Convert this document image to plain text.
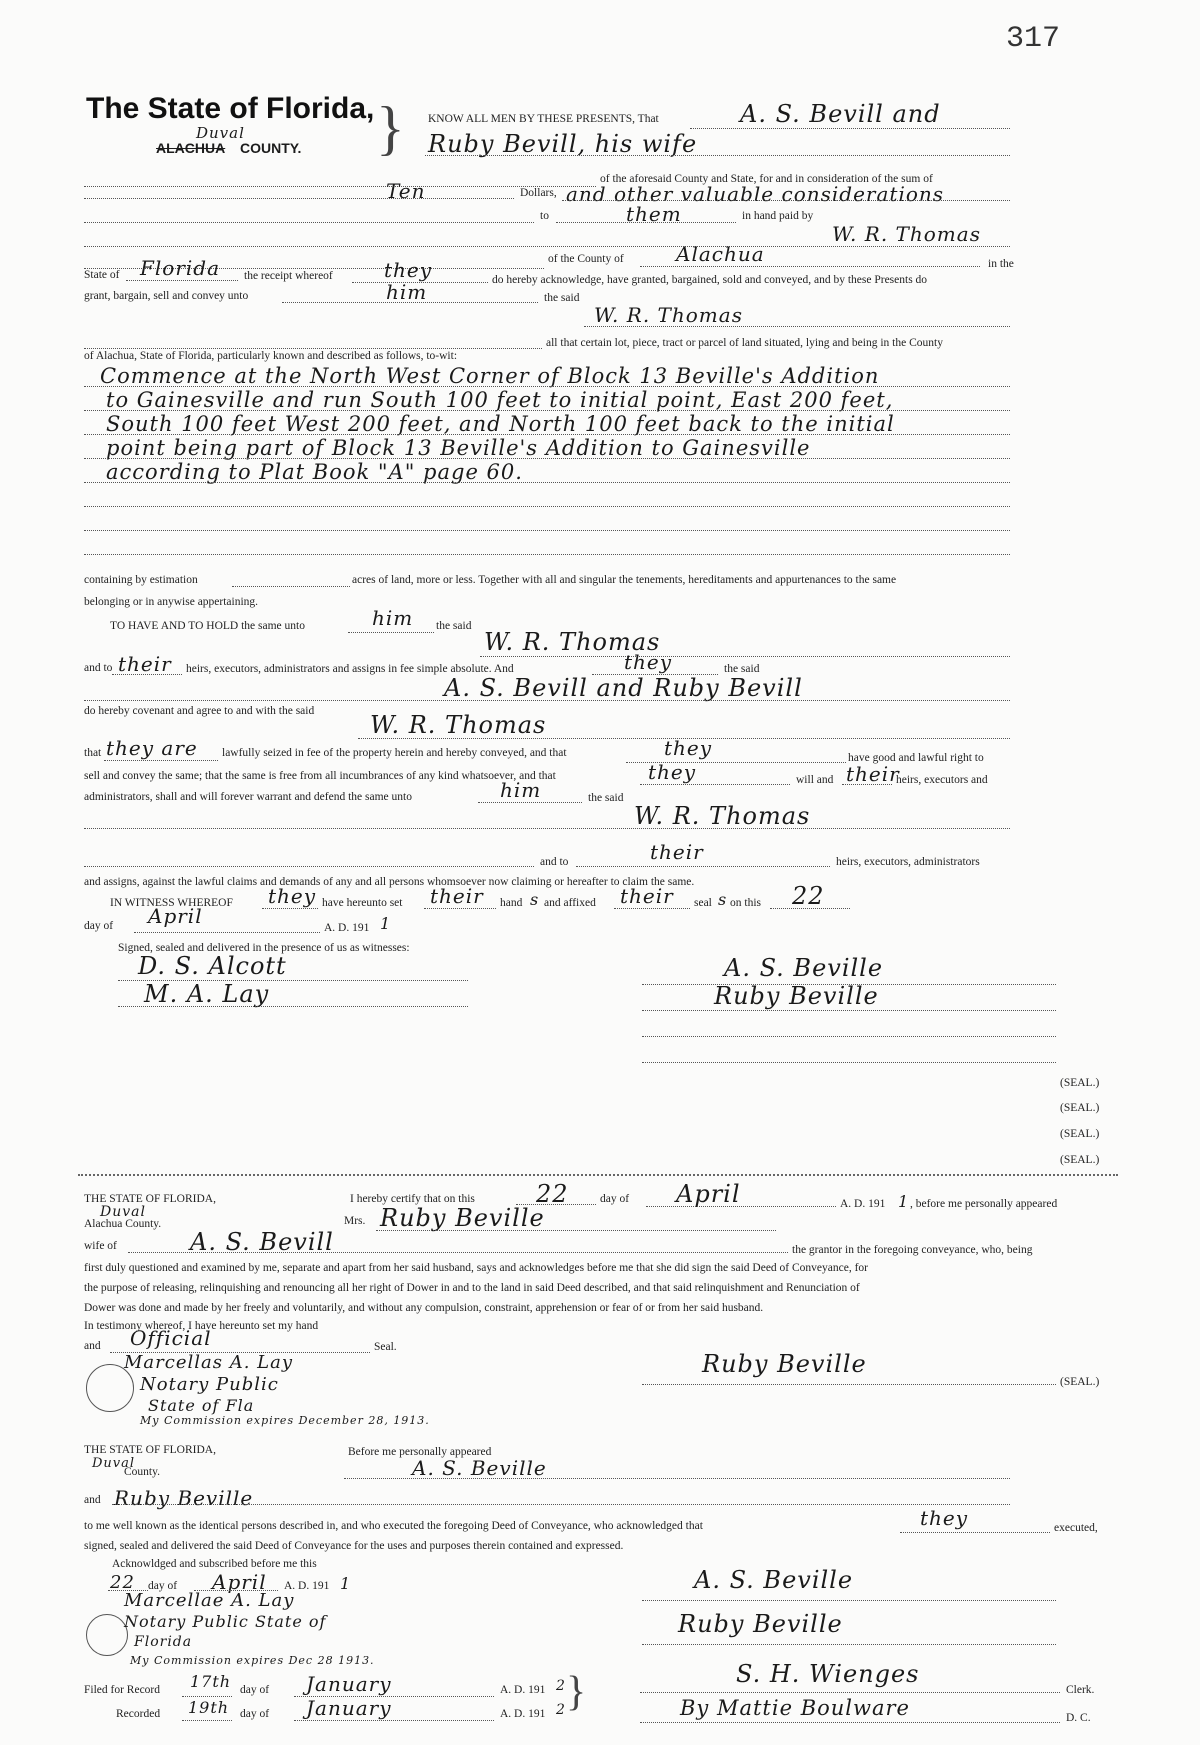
317
The State of Florida,
Duval
ALACHUA COUNTY. } KNOW ALL MEN BY THESE PRESENTS, That	A. S. Bevill and
Ruby Bevill, his wife
of the aforesaid County and State, for and in consideration of the sum of
Ten	Dollars, and other valuable considerations
to	them	in hand paid by
W. R. Thomas
of the County of	Alachua	in the
State of Florida the receipt whereof	they	do hereby acknowledge, have granted, bargained, sold and conveyed, and by these Presents do
grant, bargain, sell and convey unto	him	the said
W. R. Thomas
all that certain lot, piece, tract or parcel of land situated, lying and being in the County
of Alachua, State of Florida, particularly known and described as follows, to-wit:
Commence at the North West Corner of Block 13 Beville's Addition
to Gainesville and run South 100 feet to initial point, East 200 feet,
South 100 feet West 200 feet, and North 100 feet back to the initial
point being part of Block 13 Beville's Addition to Gainesville
according to Plat Book "A" page 60.
containing by estimation	acres of land, more or less. Together with all and singular the tenements, hereditaments and appurtenances to the same
belonging or in anywise appertaining.
TO HAVE AND TO HOLD the same unto	him the said
W. R. Thomas
and to their heirs, executors, administrators and assigns in fee simple absolute. And	they	the said
A. S. Bevill and Ruby Bevill
do hereby covenant and agree to and with the said W. R. Thomas
that they are lawfully seized in fee of the property herein and hereby conveyed, and that	they	have good and lawful right to
sell and convey the same; that the same is free from all incumbrances of any kind whatsoever, and that	they	will and their
heirs, executors and
administrators, shall and will forever warrant and defend the same unto	him	the said
W. R. Thomas
and to	their	heirs, executors, administrators
and assigns, against the lawful claims and demands of any and all persons whomsoever now claiming or hereafter to claim the same.
IN WITNESS WHEREOF they have hereunto set their hand s and affixed their seal s on this 22
day of April	A. D. 191 1
Signed, sealed and delivered in the presence of us as witnesses:
D. S. Alcott
M. A. Lay
A. S. Beville
Ruby Beville
(SEAL.)
(SEAL.)
(SEAL.)
(SEAL.)
THE STATE OF FLORIDA,
Duval
Alachua County.
I hereby certify that on this	22	day of April	A. D. 191 1 , before me personally appeared
Mrs. Ruby Beville
wife of	A. S. Bevill	the grantor in the foregoing conveyance, who, being
first duly questioned and examined by me, separate and apart from her said husband, says and acknowledges before me that she did sign the said Deed of Conveyance, for
the purpose of releasing, relinquishing and renouncing all her right of Dower in and to the land in said Deed described, and that said relinquishment and Renunciation of
Dower was done and made by her freely and voluntarily, and without any compulsion, constraint, apprehension or fear of or from her said husband.
In testimony whereof, I have hereunto set my hand
and Official	Seal.
Marcellas A. Lay
Notary Public
State of Fla
My Commission expires December 28, 1913.
Ruby Beville
(SEAL.)
THE STATE OF FLORIDA,
Duval
County.
Before me personally appeared
A. S. Beville
and Ruby Beville
to me well known as the identical persons described in, and who executed the foregoing Deed of Conveyance, who acknowledged that	they	executed,
signed, sealed and delivered the said Deed of Conveyance for the uses and purposes therein contained and expressed.
Acknowldged and subscribed before me this
22 day of April A. D. 191 1
Marcellae A. Lay
Notary Public State of
Florida
My Commission expires Dec 28 1913.
A. S. Beville
Ruby Beville
Filed for Record 17th day of January	A. D. 191 2
Recorded 19th day of January	A. D. 191 2 }	S. H. Wienges
Clerk.
By Mattie Boulware	D. C.
